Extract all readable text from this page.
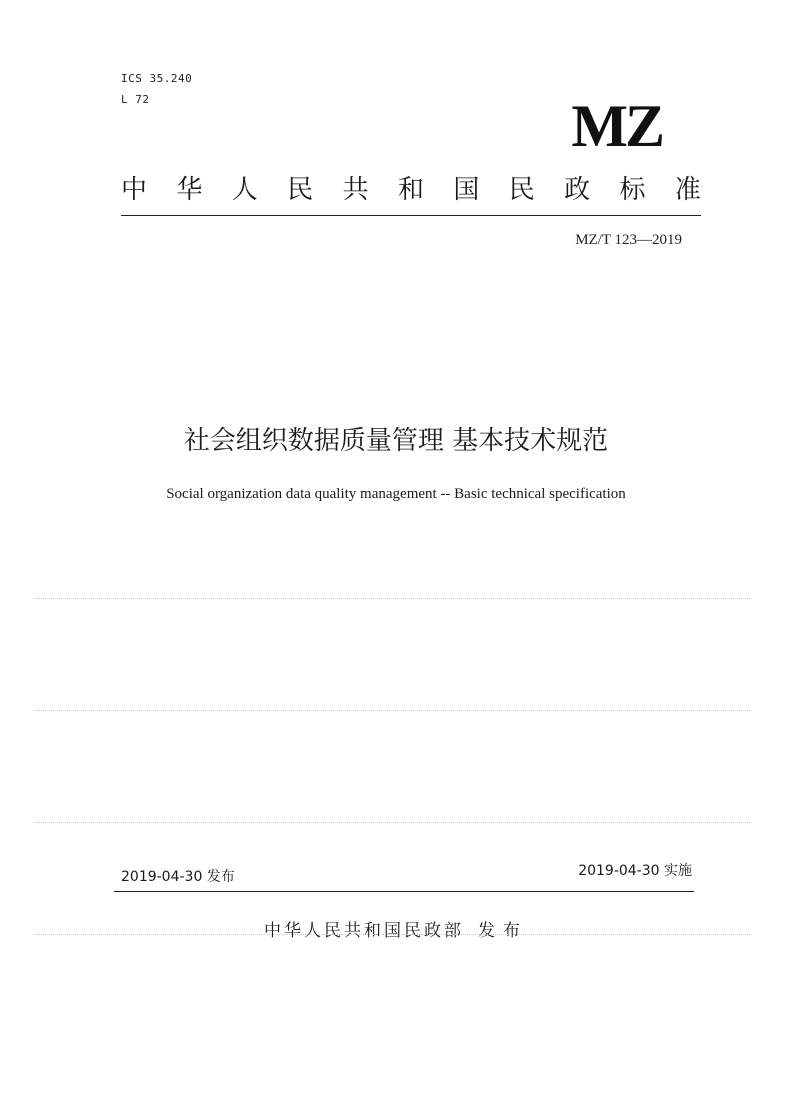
ICS 35.240
L 72	MZ
中 华 人 民 共 和 国 民 政 标 准
MZ/T 123—2019
社会组织数据质量管理 基本技术规范
Social organization data quality management -- Basic technical specification
2019-04-30 发布	2019-04-30 实施
中华人民共和国民政部 发布
